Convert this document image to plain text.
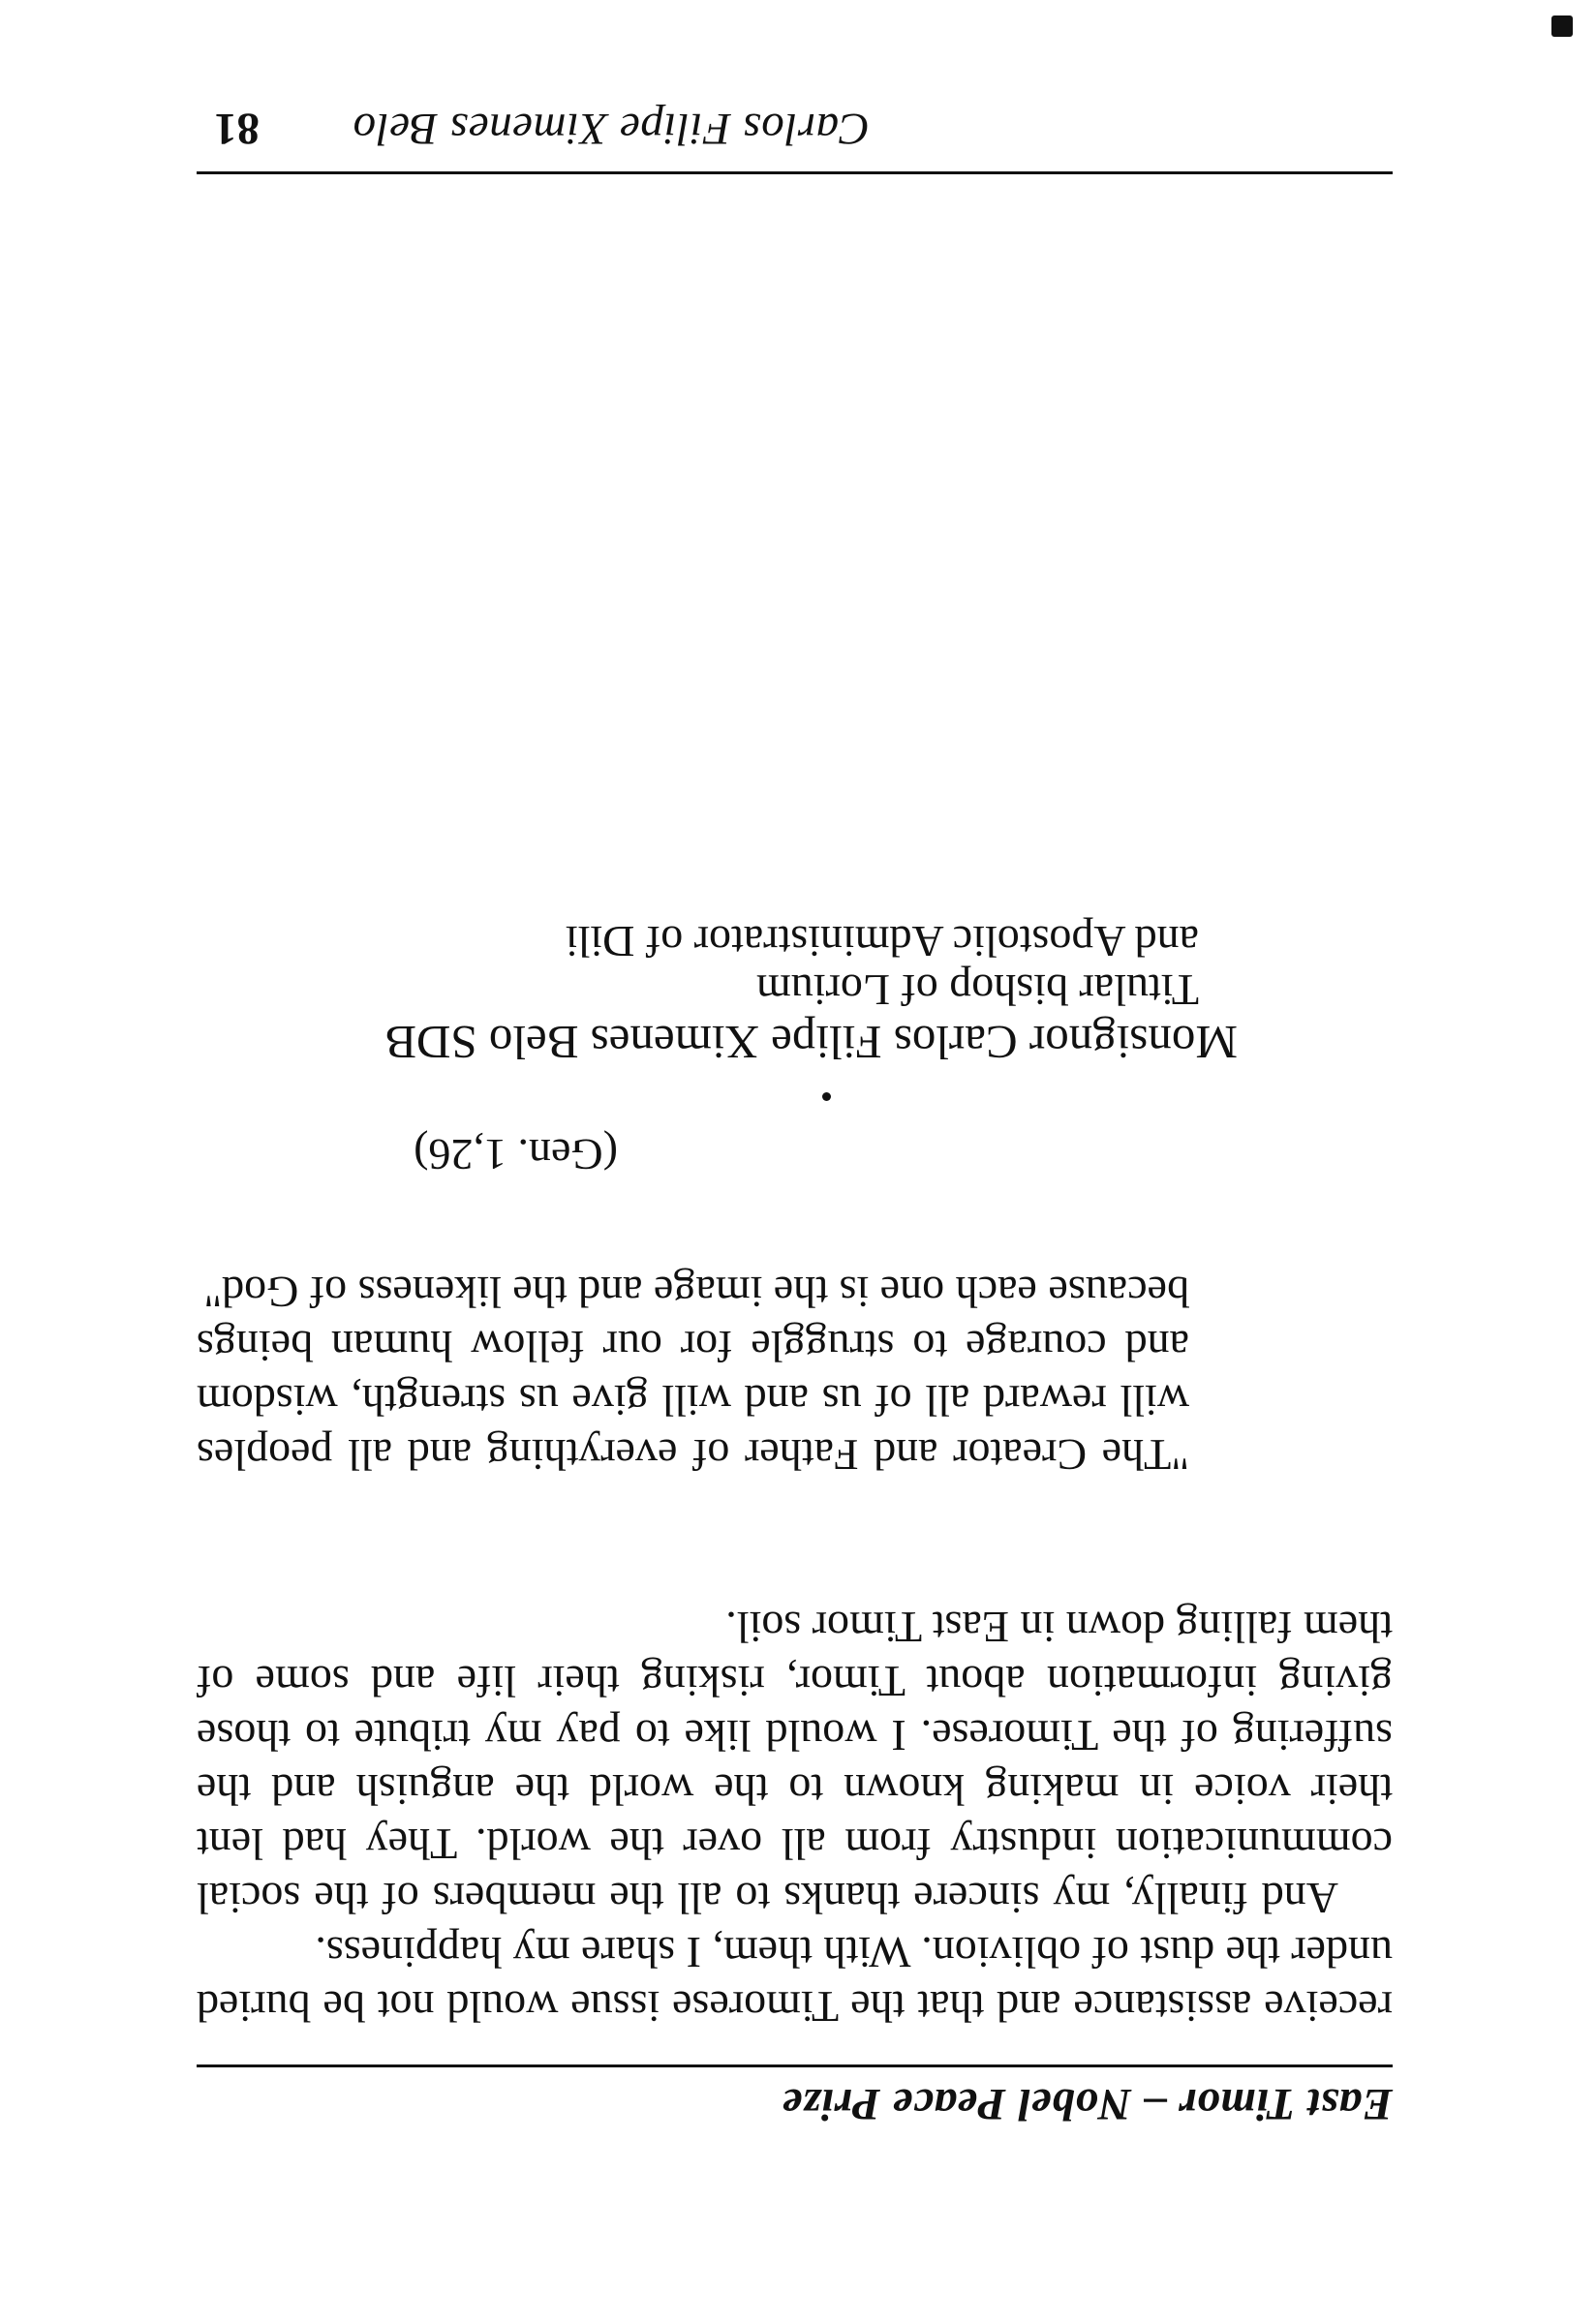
East Timor – Nobel Peace Prize

receive assistance and that the Timorese issue would not be buried under the dust of oblivion. With them, I share my happiness.

And finally, my sincere thanks to all the members of the social communication industry from all over the world. They had lent their voice in making known to the world the anguish and the suffering of the Timorese. I would like to pay my tribute to those giving information about Timor, risking their life and some of them falling down in East Timor soil.

"The Creator and Father of everything and all peoples will reward all of us and will give us strength, wisdom and courage to struggle for our fellow human beings because each one is the image and the likeness of God"

(Gen. 1,26)
Monsignor Carlos Filipe Ximenes Belo SDB
Titular bishop of Lorium
and Apostolic Administrator of Dili
Carlos Filipe Ximenes Belo
81
